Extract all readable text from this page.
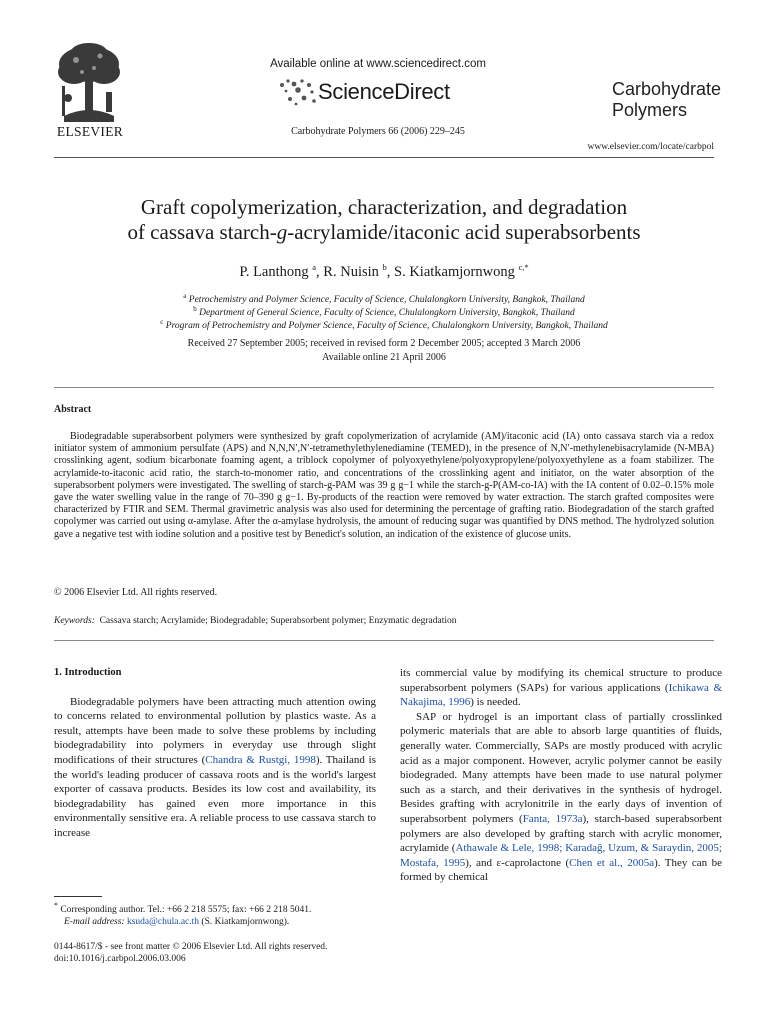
ELSEVIER
Available online at www.sciencedirect.com
ScienceDirect
Carbohydrate Polymers 66 (2006) 229–245
Carbohydrate
Polymers
www.elsevier.com/locate/carbpol
Graft copolymerization, characterization, and degradation
of cassava starch-g-acrylamide/itaconic acid superabsorbents
P. Lanthong $^a$, R. Nuisin $^b$, S. Kiatkamjornwong $^{c,*}$
$^a$ Petrochemistry and Polymer Science, Faculty of Science, Chulalongkorn University, Bangkok, Thailand
$^b$ Department of General Science, Faculty of Science, Chulalongkorn University, Bangkok, Thailand
$^c$ Program of Petrochemistry and Polymer Science, Faculty of Science, Chulalongkorn University, Bangkok, Thailand
Received 27 September 2005; received in revised form 2 December 2005; accepted 3 March 2006
Available online 21 April 2006
Abstract
Biodegradable superabsorbent polymers were synthesized by graft copolymerization of acrylamide (AM)/itaconic acid (IA) onto cassava starch via a redox initiator system of ammonium persulfate (APS) and N,N,N′,N′-tetramethylethylenediamine (TEMED), in the presence of N,N′-methylenebisacrylamide (N-MBA) crosslinking agent, sodium bicarbonate foaming agent, a triblock copolymer of polyoxyethylene/polyoxypropylene/polyoxyethylene as a foam stabilizer. The acrylamide-to-itaconic acid ratio, the starch-to-monomer ratio, and concentrations of the crosslinking agent and initiator, on the water absorption of the superabsorbent polymers were investigated. The swelling of starch-g-PAM was 39 g g−1 while the starch-g-P(AM-co-IA) with the IA content of 0.02–0.15% mole gave the water swelling value in the range of 70–390 g g−1. By-products of the reaction were removed by water extraction. The starch grafted composites were characterized by FTIR and SEM. Thermal gravimetric analysis was also used for determining the percentage of grafting ratio. Biodegradation of the starch grafted copolymer was carried out using α-amylase. After the α-amylase hydrolysis, the amount of reducing sugar was quantified by DNS method. The hydrolyzed solution gave a negative test with iodine solution and a positive test by Benedict's solution, an indication of the existence of glucose units.
© 2006 Elsevier Ltd. All rights reserved.
Keywords: Cassava starch; Acrylamide; Biodegradable; Superabsorbent polymer; Enzymatic degradation
1. Introduction

Biodegradable polymers have been attracting much attention owing to concerns related to environmental pollution by plastics waste. As a result, attempts have been made to solve these problems by including biodegradability into polymers in everyday use through slight modifications of their structures (Chandra & Rustgi, 1998). Thailand is the world's leading producer of cassava roots and is the world's largest exporter of cassava products. Besides its low cost and availability, its biodegradability has gained even more importance in this environmentally sensitive era. A reliable process to use cassava starch to increase

its commercial value by modifying its chemical structure to produce superabsorbent polymers (SAPs) for various applications (Ichikawa & Nakajima, 1996) is needed.

SAP or hydrogel is an important class of partially crosslinked polymeric materials that are able to absorb large quantities of fluids, generally water. Commercially, SAPs are mostly produced with acrylic acid as a major component. However, acrylic polymer cannot be easily biodegraded. Many attempts have been made to use natural polymer such as a starch, and their derivatives in the synthesis of hydrogel. Besides grafting with acrylonitrile in the early days of invention of superabsorbent polymers (Fanta, 1973a), starch-based superabsorbent polymers are also developed by grafting starch with acrylic monomer, acrylamide (Athawale & Lele, 1998; Karadağ, Uzum, & Saraydin, 2005; Mostafa, 1995), and ε-caprolactone (Chen et al., 2005a). They can be formed by chemical

* Corresponding author. Tel.: +66 2 218 5575; fax: +66 2 218 5041.
E-mail address: ksuda@chula.ac.th (S. Kiatkamjornwong).
0144-8617/$ - see front matter © 2006 Elsevier Ltd. All rights reserved.
doi:10.1016/j.carbpol.2006.03.006
